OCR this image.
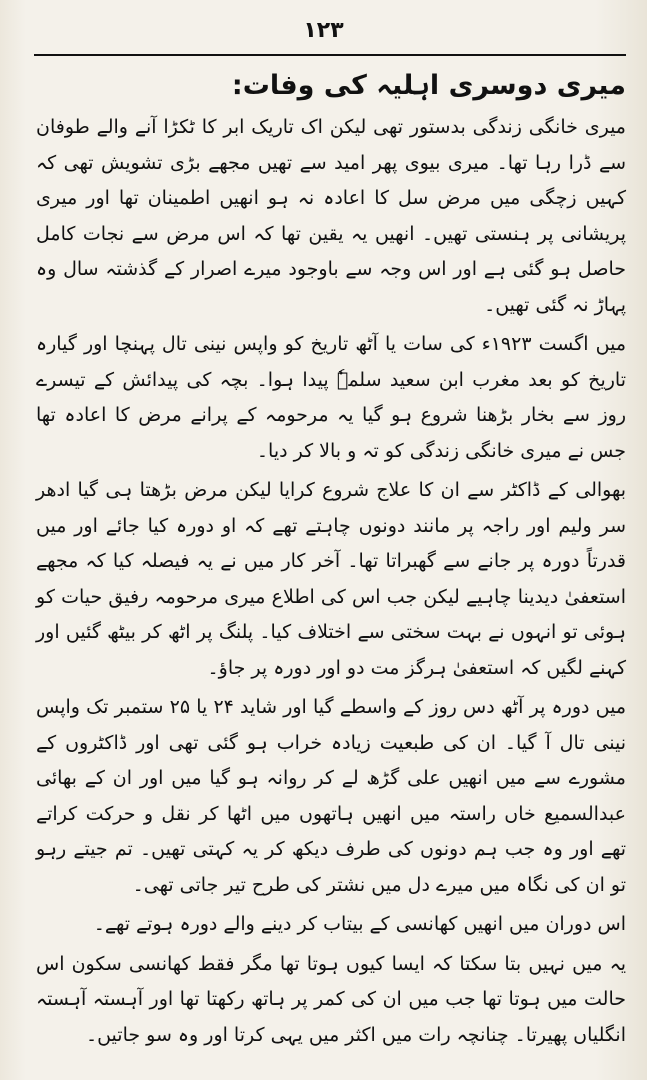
۱۲۳
میری دوسری اہلیہ کی وفات:

میری خانگی زندگی بدستور تھی لیکن اک تاریک ابر کا ٹکڑا آنے والے طوفان سے ڈرا رہا تھا۔ میری بیوی پھر امید سے تھیں مجھے بڑی تشویش تھی کہ کہیں زچگی میں مرض سل کا اعادہ نہ ہو انھیں اطمینان تھا اور میری پریشانی پر ہنستی تھیں۔ انھیں یہ یقین تھا کہ اس مرض سے نجات کامل حاصل ہو گئی ہے اور اس وجہ سے باوجود میرے اصرار کے گذشتہ سال وہ پہاڑ نہ گئی تھیں۔

میں اگست ۱۹۲۳ء کی سات یا آٹھ تاریخ کو واپس نینی تال پہنچا اور گیارہ تاریخ کو بعد مغرب ابن سعید سلمہٗ پیدا ہوا۔ بچہ کی پیدائش کے تیسرے روز سے بخار بڑھنا شروع ہو گیا یہ مرحومہ کے پرانے مرض کا اعادہ تھا جس نے میری خانگی زندگی کو تہ و بالا کر دیا۔

بھوالی کے ڈاکٹر سے ان کا علاج شروع کرایا لیکن مرض بڑھتا ہی گیا ادھر سر ولیم اور راجہ پر مانند دونوں چاہتے تھے کہ او دورہ کیا جائے اور میں قدرتاً دورہ پر جانے سے گھبراتا تھا۔ آخر کار میں نے یہ فیصلہ کیا کہ مجھے استعفیٰ دیدینا چاہیے لیکن جب اس کی اطلاع میری مرحومہ رفیق حیات کو ہوئی تو انہوں نے بہت سختی سے اختلاف کیا۔ پلنگ پر اٹھ کر بیٹھ گئیں اور کہنے لگیں کہ استعفیٰ ہرگز مت دو اور دورہ پر جاؤ۔

میں دورہ پر آٹھ دس روز کے واسطے گیا اور شاید ۲۴ یا ۲۵ ستمبر تک واپس نینی تال آ گیا۔ ان کی طبعیت زیادہ خراب ہو گئی تھی اور ڈاکٹروں کے مشورے سے میں انھیں علی گڑھ لے کر روانہ ہو گیا میں اور ان کے بھائی عبدالسمیع خاں راستہ میں انھیں ہاتھوں میں اٹھا کر نقل و حرکت کراتے تھے اور وہ جب ہم دونوں کی طرف دیکھ کر یہ کہتی تھیں۔ تم جیتے رہو تو ان کی نگاہ میں میرے دل میں نشتر کی طرح تیر جاتی تھی۔

اس دوران میں انھیں کھانسی کے بیتاب کر دینے والے دورہ ہوتے تھے۔

یہ میں نہیں بتا سکتا کہ ایسا کیوں ہوتا تھا مگر فقط کھانسی سکون اس حالت میں ہوتا تھا جب میں ان کی کمر پر ہاتھ رکھتا تھا اور آہستہ آہستہ انگلیاں پھیرتا۔ چنانچہ رات میں اکثر میں یہی کرتا اور وہ سو جاتیں۔
